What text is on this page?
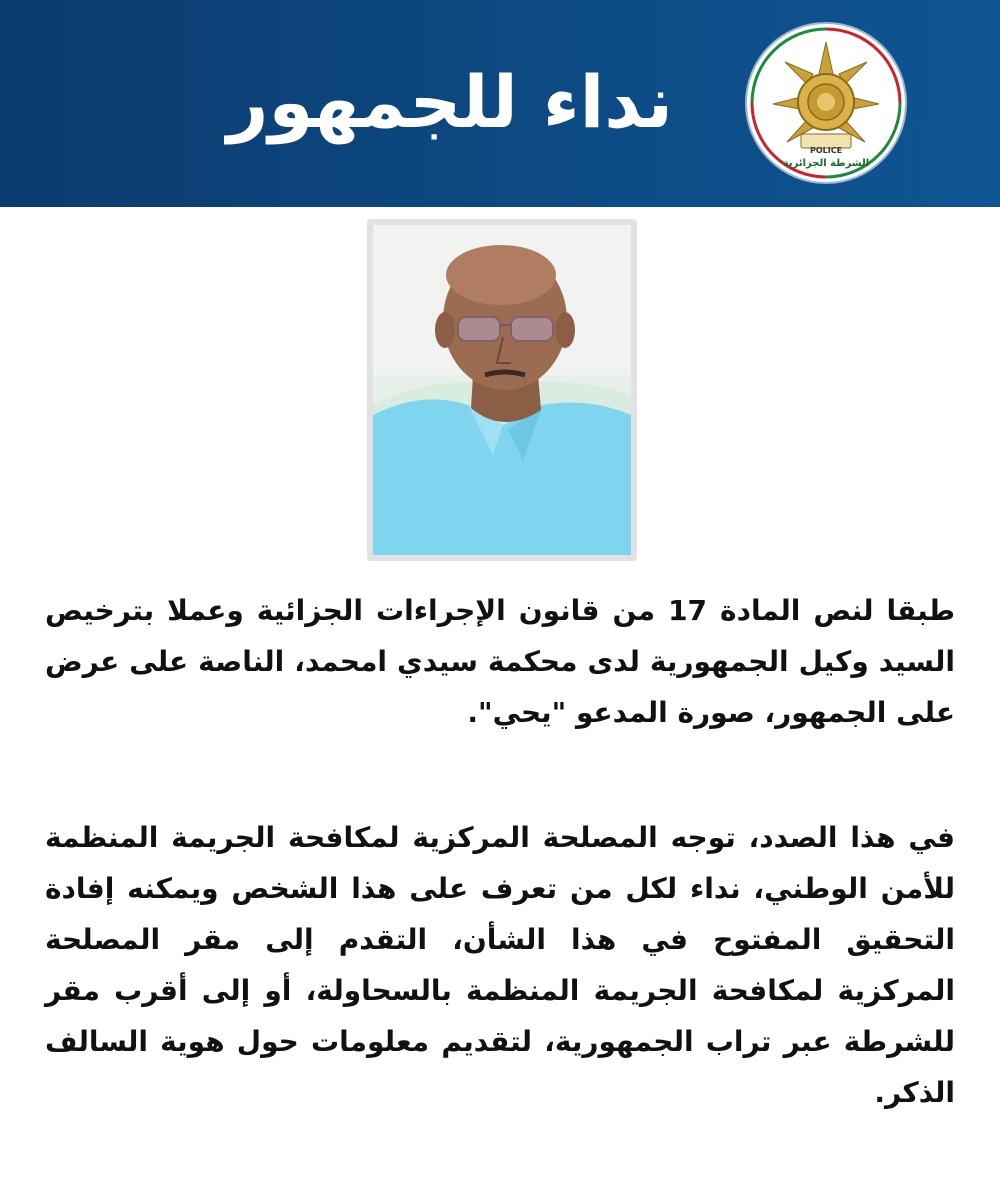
نداء للجمهور
POLICE
الشرطة الجزائرية
طبقا لنص المادة 17 من قانون الإجراءات الجزائية وعملا بترخيص السيد وكيل الجمهورية لدى محكمة سيدي امحمد، الناصة على عرض على الجمهور، صورة المدعو "يحي".
في هذا الصدد، توجه المصلحة المركزية لمكافحة الجريمة المنظمة للأمن الوطني، نداء لكل من تعرف على هذا الشخص ويمكنه إفادة التحقيق المفتوح في هذا الشأن، التقدم إلى مقر المصلحة المركزية لمكافحة الجريمة المنظمة بالسحاولة، أو إلى أقرب مقر للشرطة عبر تراب الجمهورية، لتقديم معلومات حول هوية السالف الذكر.
